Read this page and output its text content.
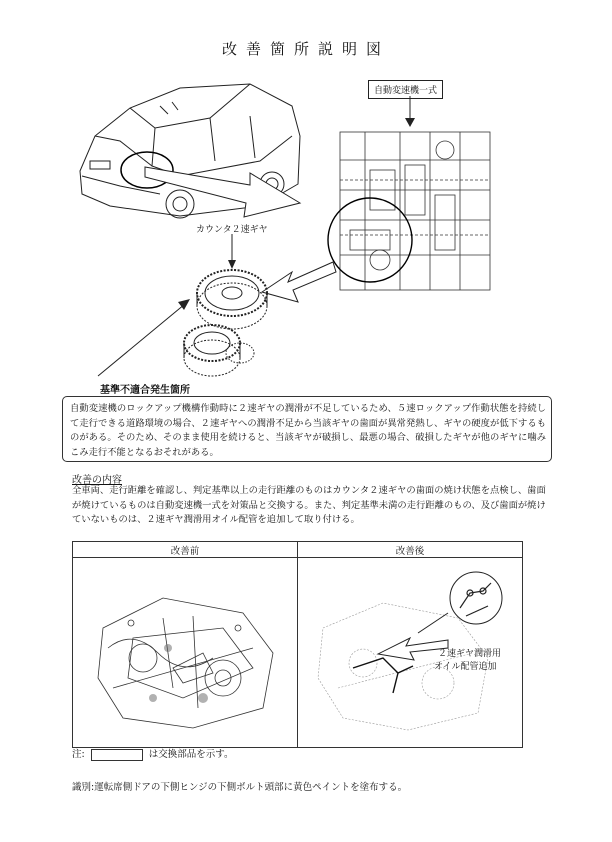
改善箇所説明図
自動変速機一式
カウンタ２速ギヤ
基準不適合発生箇所
自動変速機のロックアップ機構作動時に２速ギヤの潤滑が不足しているため、５速ロックアップ作動状態を持続して走行できる道路環境の場合、２速ギヤへの潤滑不足から当該ギヤの歯面が異常発熱し、ギヤの硬度が低下するものがある。そのため、そのまま使用を続けると、当該ギヤが破損し、最悪の場合、破損したギヤが他のギヤに噛みこみ走行不能となるおそれがある。
改善の内容
全車両、走行距離を確認し、判定基準以上の走行距離のものはカウンタ２速ギヤの歯面の焼け状態を点検し、歯面が焼けているものは自動変速機一式を対策品と交換する。また、判定基準未満の走行距離のもの、及び歯面が焼けていないものは、２速ギヤ潤滑用オイル配管を追加して取り付ける。
改善前	改善後

２速ギヤ潤滑用
オイル配管追加
注:	は交換部品を示す。
識別:運転席側ドアの下側ヒンジの下側ボルト頭部に黄色ペイントを塗布する。
